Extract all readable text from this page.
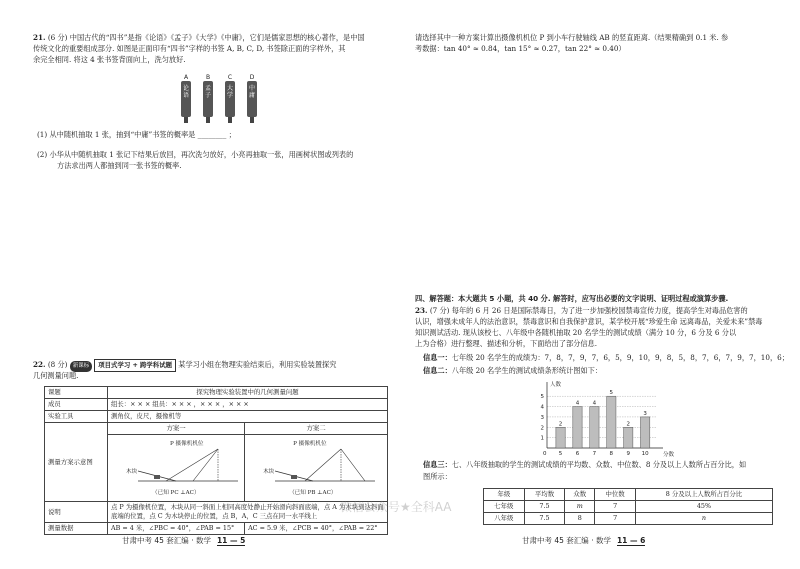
21. (6 分) 中国古代的“四书”是指《论语》《孟子》《大学》《中庸》，它们是儒家思想的核心著作，是中国
传统文化的重要组成部分. 如图是正面印有“四书”字样的书签 A, B, C, D, 书签除正面的字样外，其
余完全相同. 将这 4 张书签背面向上，洗匀放好.
A
论语
B
孟子
C
大学
D
中庸
(1) 从中随机抽取 1 张，抽到“中庸”书签的概率是 ________ ；
(2) 小华从中随机抽取 1 张记下结果后放回，再次洗匀放好，小亮再抽取一张，用画树状图或列表的
方法求出两人都抽到同一张书签的概率.
22. (8 分) 新课标 项目式学习 + 跨学科试题 某学习小组在物理实验结束后，利用实验装置探究
几何测量问题.
课题	探究物理实验装置中的几何测量问题	
成员	组长：× × × 组员：× × × ，× × × ，× × ×	
实验工具	测角仪，皮尺，摄像机等	
测量方案示意图	方案一	方案二

	P 摄像机机位
木块
（已知 PC ⊥AC）	P 摄像机机位
木块
（已知 PB ⊥AC）

说明	点 P 为摄像机位置，木块从同一斜面上相同高度处静止开始滑向斜面底端，点 A 为木块到达斜面底端的位置，点 C 为木块停止的位置，点 B，A，C 三点在同一水平线上	
测量数据	AB = 4 米，∠PBC = 40°，∠PAB = 15°	AC = 5.9 米，∠PCB = 40°，∠PAB = 22°
甘肃中考 45 套汇编 · 数学 11 — 5
微信公众号★全科AA
请选择其中一种方案计算出摄像机机位 P 到小车行驶轴线 AB 的竖直距离.（结果精确到 0.1 米. 参
考数据：tan 40° ≈ 0.84，tan 15° ≈ 0.27，tan 22° ≈ 0.40）
四、解答题：本大题共 5 小题，共 40 分. 解答时，应写出必要的文字说明、证明过程或演算步骤.
23. (7 分) 每年的 6 月 26 日是国际禁毒日，为了进一步加强校园禁毒宣传力度，提高学生对毒品危害的
认识，增强未成年人的法治意识，禁毒意识和自我保护意识，某学校开展“珍爱生命 远离毒品，关爱未来”禁毒
知识测试活动. 现从该校七、八年级中各随机抽取 20 名学生的测试成绩（满分 10 分，6 分及 6 分以
上为合格）进行整理、描述和分析，下面给出了部分信息.
信息一：七年级 20 名学生的成绩为：7，8，7，9，7，6，5，9，10，9，8，5，8，7，6，7，9，7，10，6；
信息二：八年级 20 名学生的测试成绩条形统计图如下：
1
2
3
4
5
人数
分数
0
2
5
4
6
4
7
5
8
2
9
3
10
信息三：七、八年级抽取的学生的测试成绩的平均数、众数、中位数、8 分及以上人数所占百分比，如
图所示：
年级	平均数	众数	中位数	8 分及以上人数所占百分比
七年级	7.5	m	7	45%
八年级	7.5	8	7	n
甘肃中考 45 套汇编 · 数学 11 — 6
